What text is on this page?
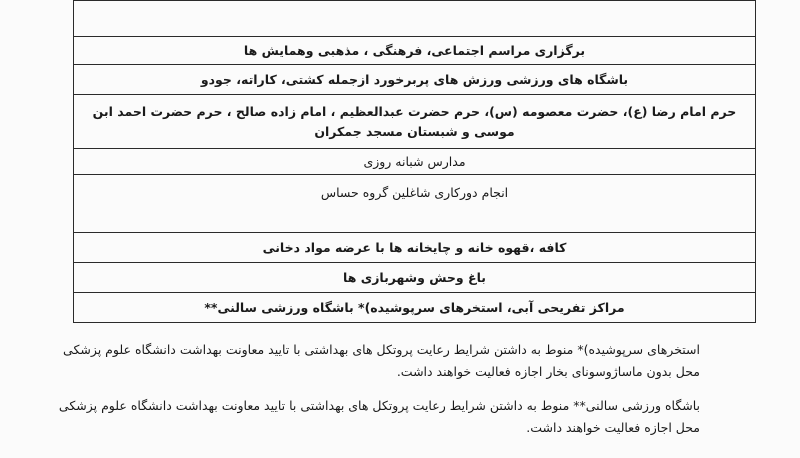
برگزاری مراسم اجتماعی، فرهنگی ، مذهبی وهمایش ها
باشگاه های ورزشی ورزش های پربرخورد ازجمله کشتی، کاراته، جودو
حرم امام رضا (ع)، حضرت معصومه (س)، حرم حضرت عبدالعظیم ، امام زاده صالح ، حرم حضرت احمد ابن موسی و شبستان مسجد جمکران
مدارس شبانه روزی
انجام دورکاری شاغلین گروه حساس
کافه ،قهوه خانه و چایخانه ها با عرضه مواد دخانی
باغ وحش وشهربازی ها
مراکز تفریحی آبی، استخرهای سرپوشیده)* باشگاه ورزشی سالنی**

استخرهای سرپوشیده)* منوط به داشتن شرایط رعایت پروتکل های بهداشتی با تایید معاونت بهداشت دانشگاه علوم پزشکی
محل بدون ماساژوسونای بخار اجازه فعالیت خواهند داشت.

باشگاه ورزشی سالنی** منوط به داشتن شرایط رعایت پروتکل های بهداشتی با تایید معاونت بهداشت دانشگاه علوم پزشکی
محل اجازه فعالیت خواهند داشت.
